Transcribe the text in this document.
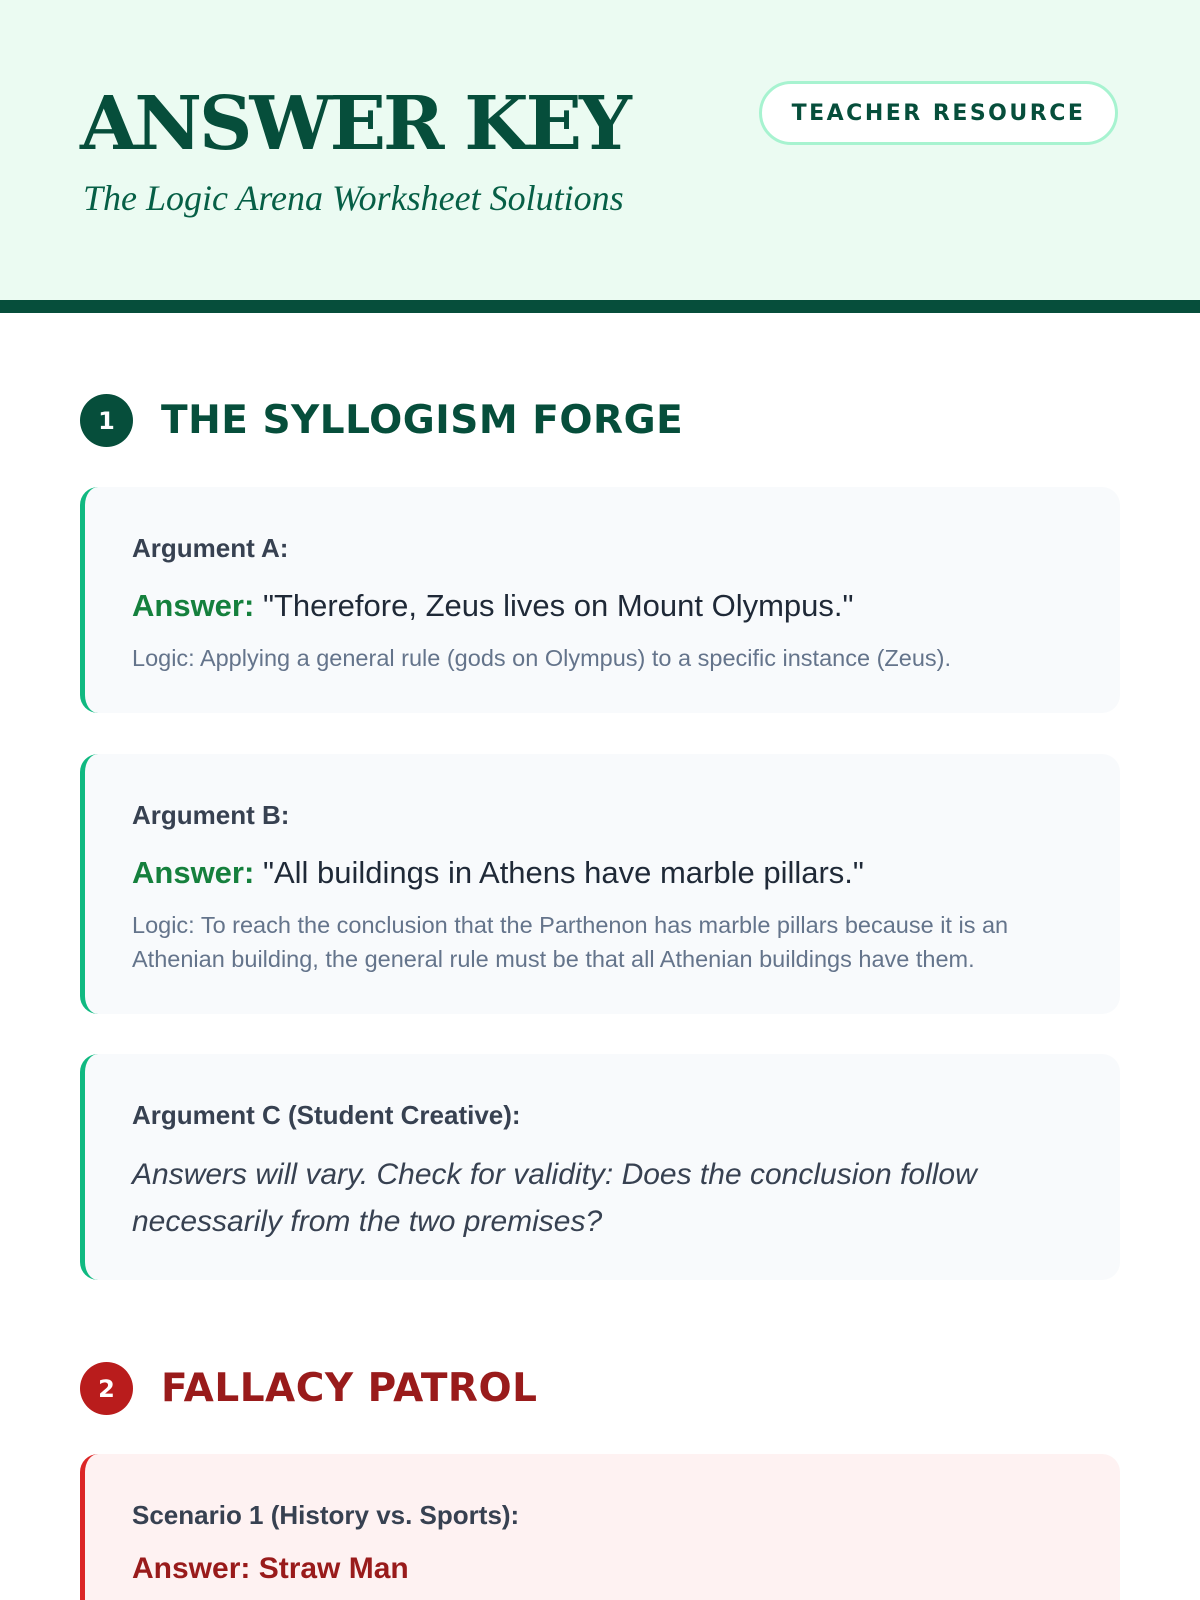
ANSWER KEY
The Logic Arena Worksheet Solutions
TEACHER RESOURCE
1	THE SYLLOGISM FORGE
Argument A:
Answer: "Therefore, Zeus lives on Mount Olympus."
Logic: Applying a general rule (gods on Olympus) to a specific instance (Zeus).
Argument B:
Answer: "All buildings in Athens have marble pillars."
Logic: To reach the conclusion that the Parthenon has marble pillars because it is an Athenian building, the general rule must be that all Athenian buildings have them.
Argument C (Student Creative):
Answers will vary. Check for validity: Does the conclusion follow necessarily from the two premises?
2	FALLACY PATROL
Scenario 1 (History vs. Sports):
Answer: Straw Man
